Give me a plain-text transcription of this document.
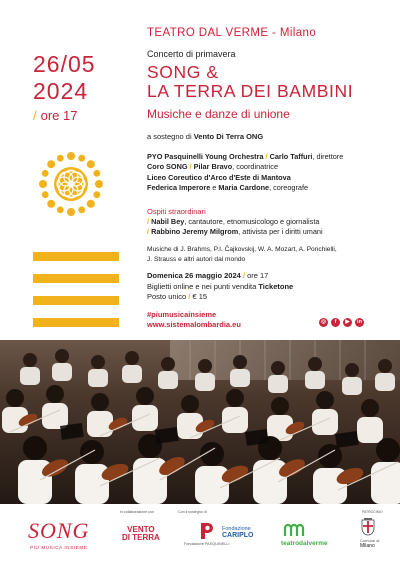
26/05
2024
/ ore 17
TEATRO DAL VERME - Milano
Concerto di primavera
SONG &
LA TERRA DEI BAMBINI
Musiche e danze di unione
a sostegno di Vento Di Terra ONG
PYO Pasquinelli Young Orchestra / Carlo Taffuri, direttore
Coro SONG / Pilar Bravo, coordinatrice
Liceo Coreutico d'Arco d'Este di Mantova
Federica Imperore e Maria Cardone, coreografe
Ospiti straordinari
/ Nabil Bey, cantautore, etnomusicologo e giornalista
/ Rabbino Jeremy Milgrom, attivista per i diritti umani
Musiche di J. Brahms, P.I. Čajkovskij, W. A. Mozart, A. Ponchielli,
J. Strauss e altri autori dal mondo
Domenica 26 maggio 2024 / ore 17
Biglietti online e nei punti vendita Ticketone
Posto unico / € 15
#piumusicainsieme
www.sistemalombardia.eu	◎	f	▶	in
SONG
PIÙ MUSICA INSIEME
In collaborazione con
VENTO
DI TERRA
Con il sostegno di
Fondazione PASQUINELLI
Fondazione
CARIPLO
teatrodalverme
PATROCINIO
Comune di
Milano
